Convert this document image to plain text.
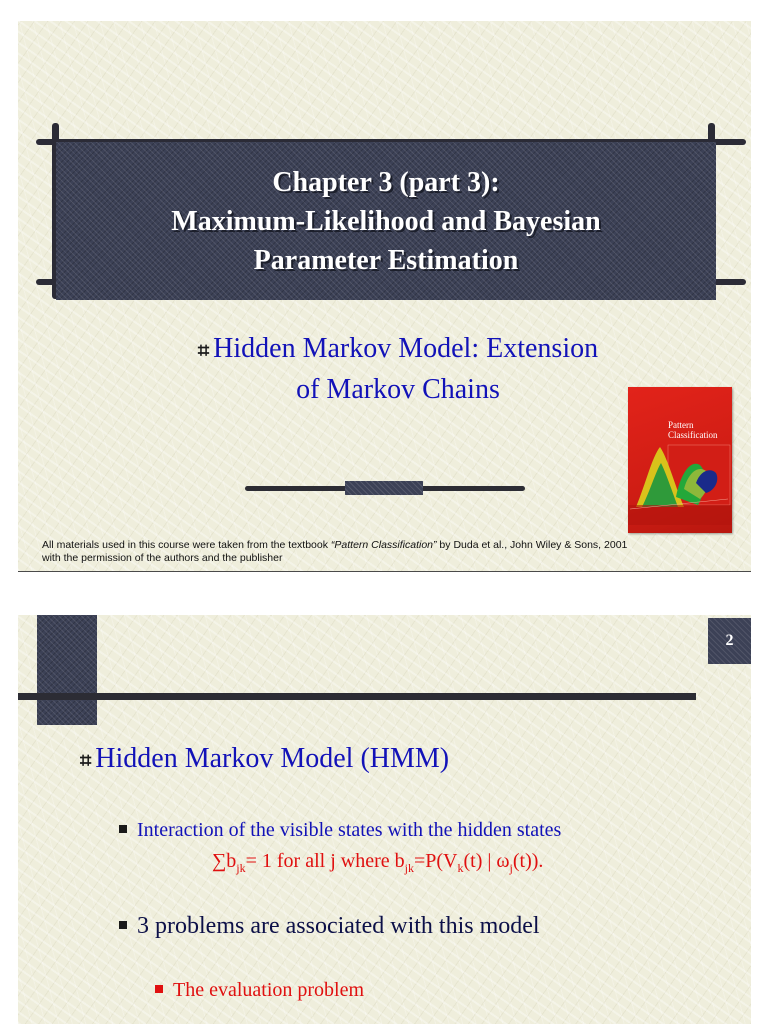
Chapter 3 (part 3):
Maximum-Likelihood and Bayesian
Parameter Estimation
⌗ Hidden Markov Model: Extension
of Markov Chains
Pattern
Classification
All materials used in this course were taken from the textbook “Pattern Classification” by Duda et al., John Wiley & Sons, 2001
with the permission of the authors and the publisher
2
⌗ Hidden Markov Model (HMM)
Interaction of the visible states with the hidden states
$\sum b_{jk}= 1$ for all j where $b_{jk}=P(V_k(t)$ | $\omega_j(t)$).
3 problems are associated with this model
The evaluation problem
